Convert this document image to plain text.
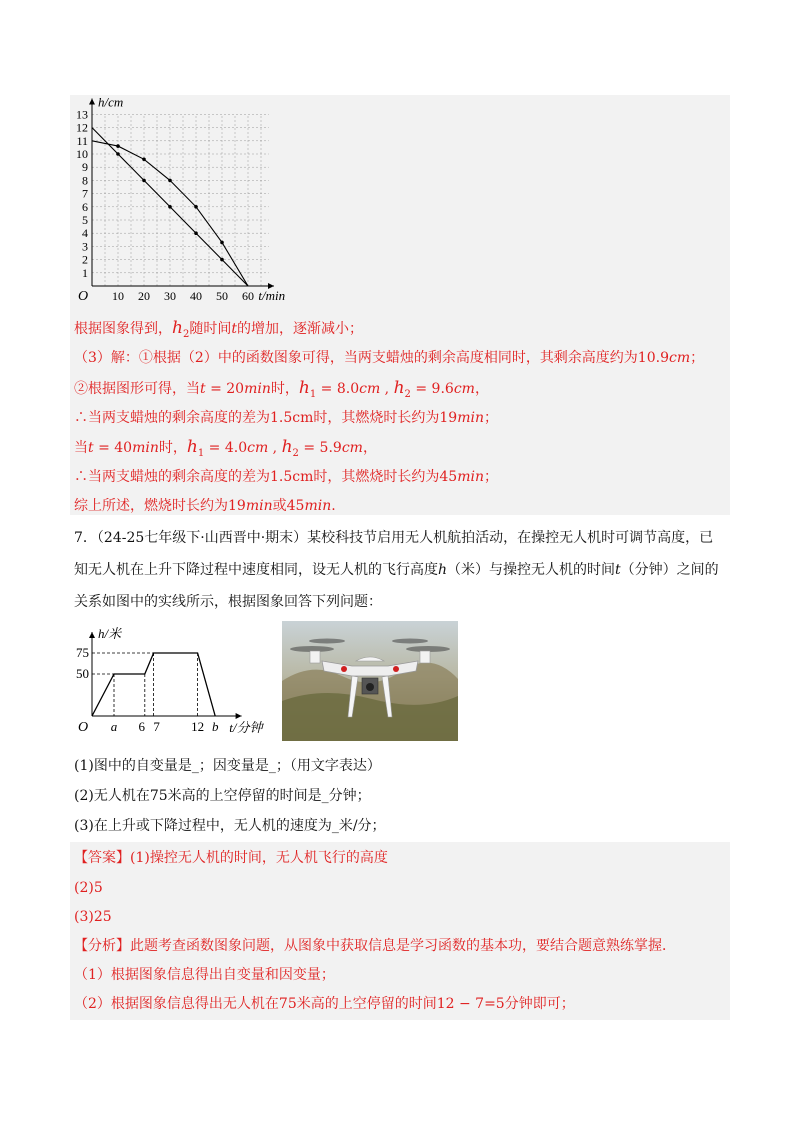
1
2
3
4
5
6
7
8
9
10
11
12
13
10 20 30 40 50 60
O
h/cm
t/min
根据图象得到，$h_2$随时间t的增加，逐渐减小；
（3）解：①根据（2）中的函数图象可得，当两支蜡烛的剩余高度相同时，其剩余高度约为10.9cm；
②根据图形可得，当t = 20min时，$h_1 = 8.0cm$ , $h_2 = 9.6cm$，
∴当两支蜡烛的剩余高度的差为1.5cm时，其燃烧时长约为19min；
当t = 40min时，$h_1 = 4.0cm$ , $h_2 = 5.9cm$，
∴当两支蜡烛的剩余高度的差为1.5cm时，其燃烧时长约为45min；
综上所述，燃烧时长约为19min或45min.
7．（24-25七年级下·山西晋中·期末）某校科技节启用无人机航拍活动，在操控无人机时可调节高度，已
知无人机在上升下降过程中速度相同，设无人机的飞行高度h（米）与操控无人机的时间t（分钟）之间的
关系如图中的实线所示，根据图象回答下列问题：
50
75
a 6 7 12 b
O
h/米
t/分钟
(1)图中的自变量是_；因变量是_；（用文字表达）
(2)无人机在75米高的上空停留的时间是_分钟；
(3)在上升或下降过程中，无人机的速度为_米/分；
【答案】(1)操控无人机的时间，无人机飞行的高度
(2)5
(3)25
【分析】此题考查函数图象问题，从图象中获取信息是学习函数的基本功，要结合题意熟练掌握．
（1）根据图象信息得出自变量和因变量；
（2）根据图象信息得出无人机在75米高的上空停留的时间12 − 7=5分钟即可；
